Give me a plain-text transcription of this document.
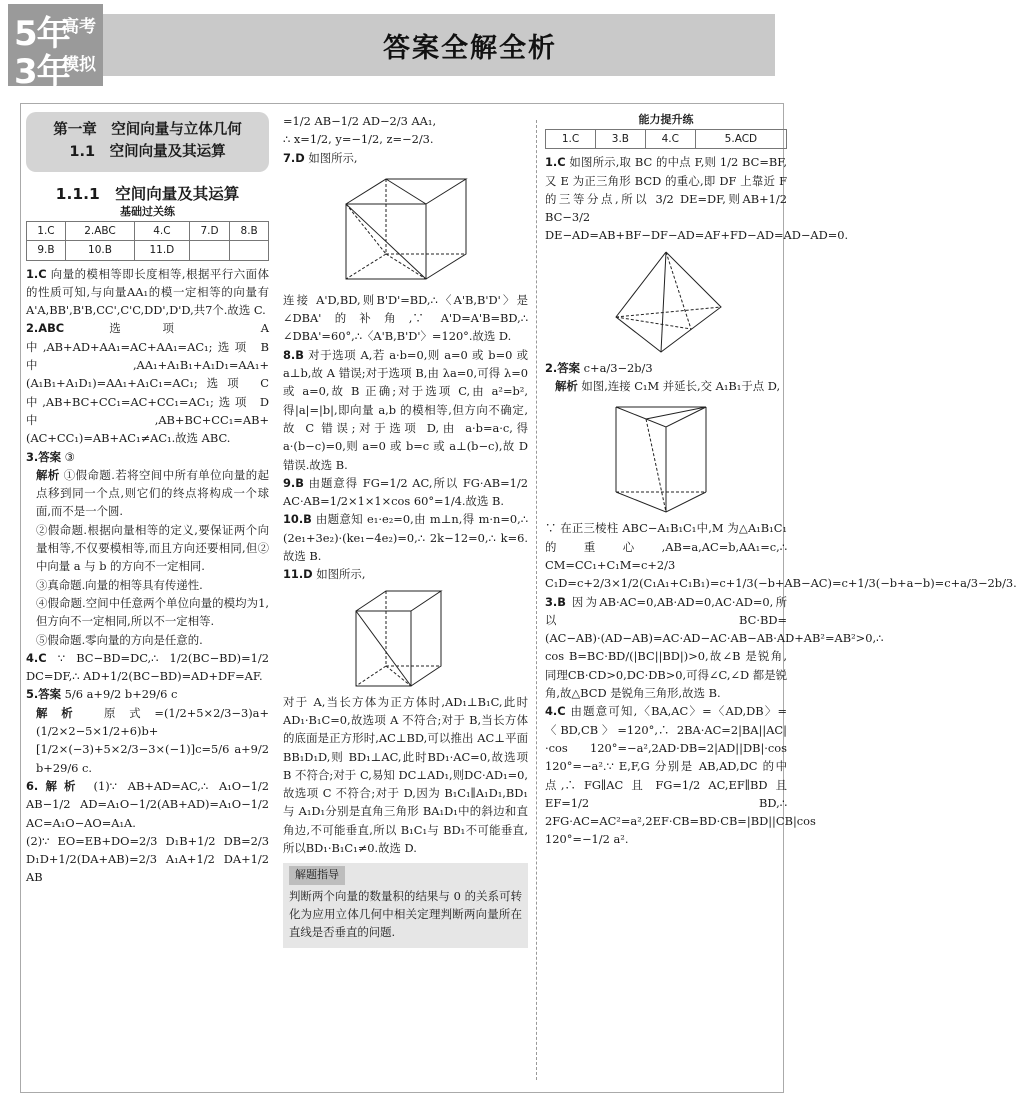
5年
高考
3年
模拟
答案全解全析
第一章　空间向量与立体几何
1.1　空间向量及其运算
1.1.1　空间向量及其运算
基础过关练
1.C	2.ABC	4.C	7.D	8.B
9.B	10.B	11.D		

1.C 向量的模相等即长度相等,根据平行六面体的性质可知,与向量AA₁的模一定相等的向量有A'A,BB',B'B,CC',C'C,DD',D'D,共7个.故选 C.

2.ABC 选项 A 中,AB+AD+AA₁=AC+AA₁=AC₁;选项 B 中,AA₁+A₁B₁+A₁D₁=AA₁+(A₁B₁+A₁D₁)=AA₁+A₁C₁=AC₁;选项 C 中,AB+BC+CC₁=AC+CC₁=AC₁;选项 D 中,AB+BC+CC₁=AB+(AC+CC₁)=AB+AC₁≠AC₁.故选 ABC.

3.答案 ③

解析 ①假命题.若将空间中所有单位向量的起点移到同一个点,则它们的终点将构成一个球面,而不是一个圆.

②假命题.根据向量相等的定义,要保证两个向量相等,不仅要模相等,而且方向还要相同,但②中向量 a 与 b 的方向不一定相同.

③真命题.向量的相等具有传递性.

④假命题.空间中任意两个单位向量的模均为1,但方向不一定相同,所以不一定相等.

⑤假命题.零向量的方向是任意的.

4.C ∵ BC−BD=DC,∴ 1/2(BC−BD)=1/2 DC=DF,∴ AD+1/2(BC−BD)=AD+DF=AF.

5.答案 5/6 a+9/2 b+29/6 c

解析 原式=(1/2+5×2/3−3)a+(1/2×2−5×1/2+6)b+[1/2×(−3)+5×2/3−3×(−1)]c=5/6 a+9/2 b+29/6 c.

6.解析 (1)∵ AB+AD=AC,∴ A₁O−1/2 AB−1/2 AD=A₁O−1/2(AB+AD)=A₁O−1/2 AC=A₁O−AO=A₁A.

(2)∵ EO=EB+DO=2/3 D₁B+1/2 DB=2/3 D₁D+1/2(DA+AB)=2/3 A₁A+1/2 DA+1/2 AB

=1/2 AB−1/2 AD−2/3 AA₁,

∴ x=1/2, y=−1/2, z=−2/3.

7.D 如图所示,

连接 A'D,BD,则B'D'=BD,∴〈A'B,B'D'〉是∠DBA'的补角,∵ A'D=A'B=BD,∴ ∠DBA'=60°,∴〈A'B,B'D'〉=120°.故选 D.

8.B 对于选项 A,若 a·b=0,则 a=0 或 b=0 或 a⊥b,故 A 错误;对于选项 B,由 λa=0,可得 λ=0 或 a=0,故 B 正确;对于选项 C,由 a²=b²,得|a|=|b|,即向量 a,b 的模相等,但方向不确定,故 C 错误;对于选项 D,由 a·b=a·c,得 a·(b−c)=0,则 a=0 或 b=c 或 a⊥(b−c),故 D 错误.故选 B.

9.B 由题意得 FG=1/2 AC,所以 FG·AB=1/2 AC·AB=1/2×1×1×cos 60°=1/4.故选 B.

10.B 由题意知 e₁·e₂=0,由 m⊥n,得 m·n=0,∴ (2e₁+3e₂)·(ke₁−4e₂)=0,∴ 2k−12=0,∴ k=6.故选 B.

11.D 如图所示,

对于 A,当长方体为正方体时,AD₁⊥B₁C,此时AD₁·B₁C=0,故选项 A 不符合;对于 B,当长方体的底面是正方形时,AC⊥BD,可以推出 AC⊥平面 BB₁D₁D,则 BD₁⊥AC,此时BD₁·AC=0,故选项 B 不符合;对于 C,易知 DC⊥AD₁,则DC·AD₁=0,故选项 C 不符合;对于 D,因为 B₁C₁∥A₁D₁,BD₁与 A₁D₁分别是直角三角形 BA₁D₁中的斜边和直角边,不可能垂直,所以 B₁C₁与 BD₁不可能垂直,所以BD₁·B₁C₁≠0.故选 D.

解题指导
判断两个向量的数量积的结果与 0 的关系可转化为应用立体几何中相关定理判断两向量所在直线是否垂直的问题.
能力提升练
1.C	3.B	4.C	5.ACD

1.C 如图所示,取 BC 的中点 F,则 1/2 BC=BF,又 E 为正三角形 BCD 的重心,即 DF 上靠近 F 的三等分点,所以 3/2 DE=DF,则AB+1/2 BC−3/2 DE−AD=AB+BF−DF−AD=AF+FD−AD=AD−AD=0.

2.答案 c+a/3−2b/3

解析 如图,连接 C₁M 并延长,交 A₁B₁于点 D,

∵ 在正三棱柱 ABC−A₁B₁C₁中,M 为△A₁B₁C₁的重心,AB=a,AC=b,AA₁=c,∴ CM=CC₁+C₁M=c+2/3 C₁D=c+2/3×1/2(C₁A₁+C₁B₁)=c+1/3(−b+AB−AC)=c+1/3(−b+a−b)=c+a/3−2b/3.

3.B 因为AB·AC=0,AB·AD=0,AC·AD=0,所以BC·BD=(AC−AB)·(AD−AB)=AC·AD−AC·AB−AB·AD+AB²=AB²>0,∴ cos B=BC·BD/(|BC||BD|)>0,故∠B 是锐角,同理CB·CD>0,DC·DB>0,可得∠C,∠D 都是锐角,故△BCD 是锐角三角形,故选 B.

4.C 由题意可知,〈BA,AC〉=〈AD,DB〉=〈BD,CB〉=120°,∴ 2BA·AC=2|BA||AC|·cos 120°=−a²,2AD·DB=2|AD||DB|·cos 120°=−a².∵ E,F,G 分别是 AB,AD,DC 的中点,∴ FG∥AC 且 FG=1/2 AC,EF∥BD 且 EF=1/2 BD,∴ 2FG·AC=AC²=a²,2EF·CB=BD·CB=|BD||CB|cos 120°=−1/2 a².
